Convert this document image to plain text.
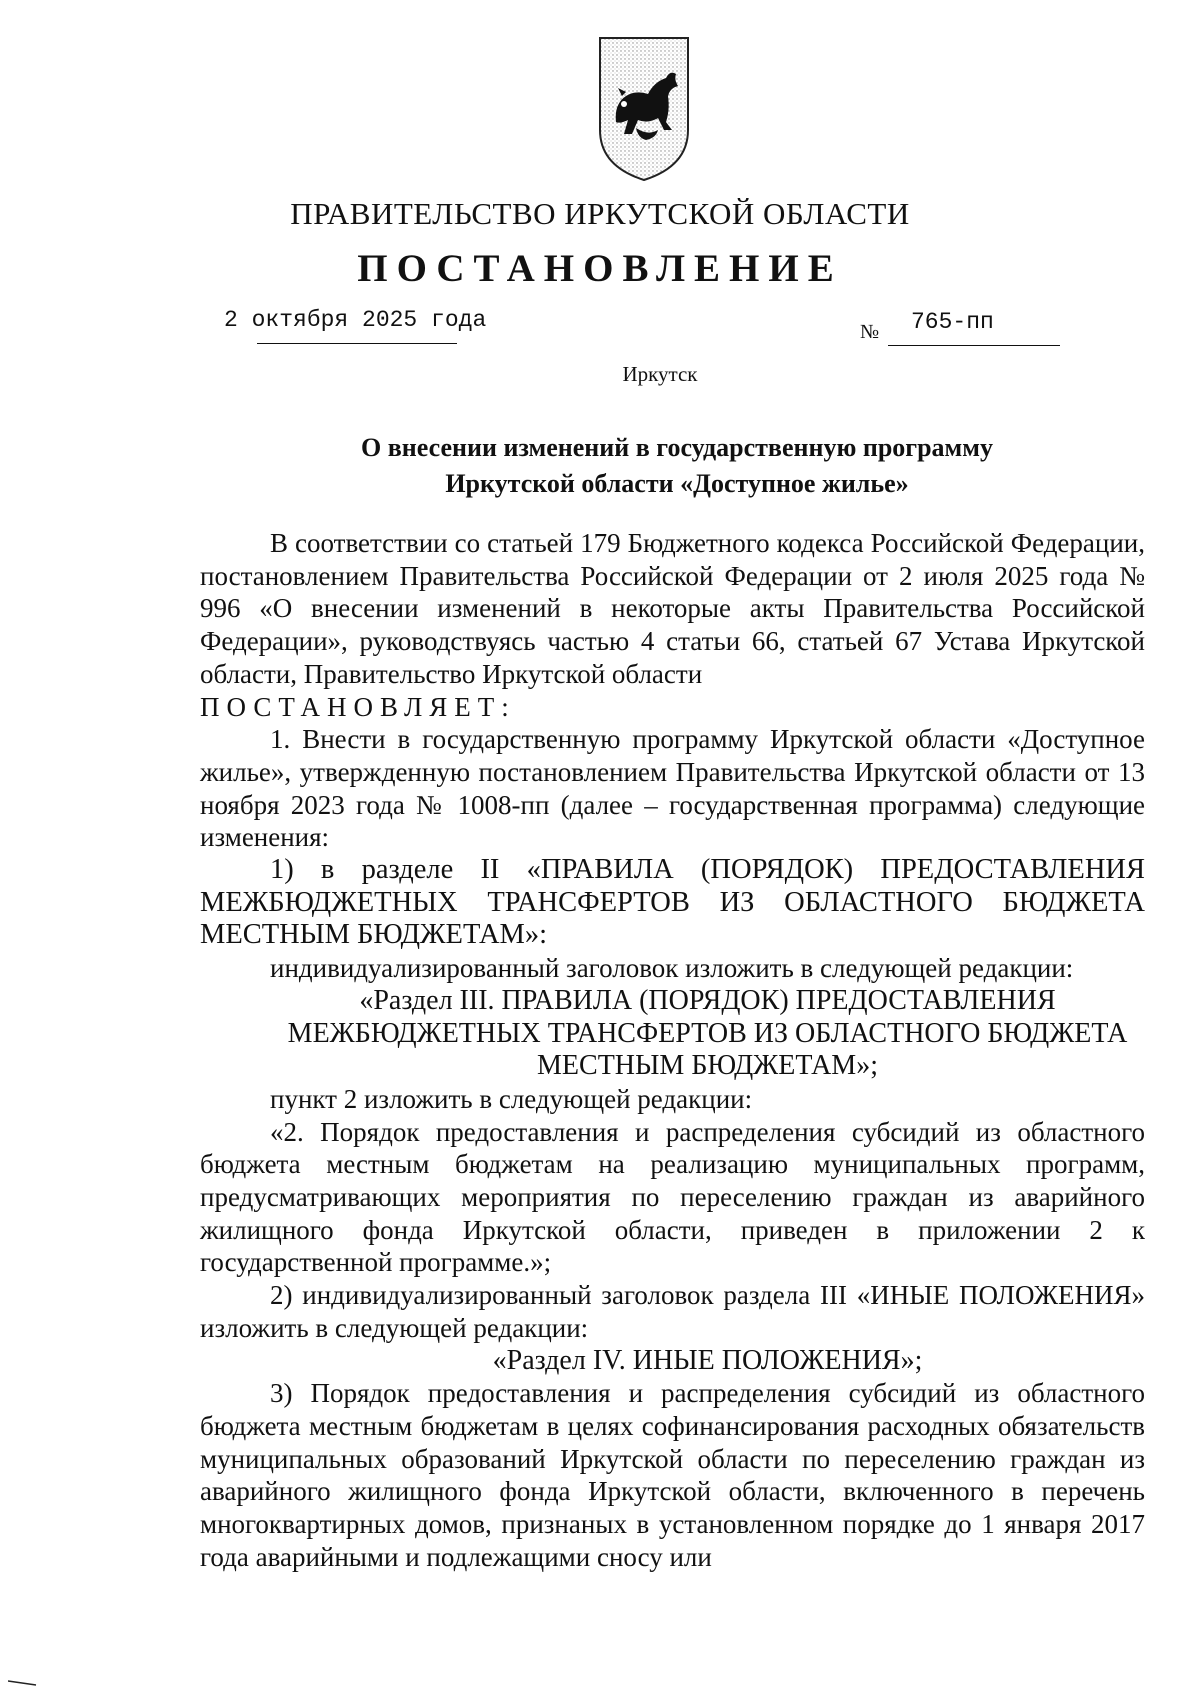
ПРАВИТЕЛЬСТВО ИРКУТСКОЙ ОБЛАСТИ
ПОСТАНОВЛЕНИЕ
2 октября 2025 года	№ 765-пп
Иркутск
О внесении изменений в государственную программу
Иркутской области «Доступное жилье»

В соответствии со статьей 179 Бюджетного кодекса Российской Федерации, постановлением Правительства Российской Федерации от 2 июля 2025 года № 996 «О внесении изменений в некоторые акты Правительства Российской Федерации», руководствуясь частью 4 статьи 66, статьей 67 Устава Иркутской области, Правительство Иркутской области

ПОСТАНОВЛЯЕТ:

1. Внести в государственную программу Иркутской области «Доступное жилье», утвержденную постановлением Правительства Иркутской области от 13 ноября 2023 года № 1008-пп (далее – государственная программа) следующие изменения:

1) в разделе II «ПРАВИЛА (ПОРЯДОК) ПРЕДОСТАВЛЕНИЯ МЕЖБЮДЖЕТНЫХ ТРАНСФЕРТОВ ИЗ ОБЛАСТНОГО БЮДЖЕТА МЕСТНЫМ БЮДЖЕТАМ»:

индивидуализированный заголовок изложить в следующей редакции:

«Раздел III. ПРАВИЛА (ПОРЯДОК) ПРЕДОСТАВЛЕНИЯ

МЕЖБЮДЖЕТНЫХ ТРАНСФЕРТОВ ИЗ ОБЛАСТНОГО БЮДЖЕТА

МЕСТНЫМ БЮДЖЕТАМ»;

пункт 2 изложить в следующей редакции:

«2. Порядок предоставления и распределения субсидий из областного бюджета местным бюджетам на реализацию муниципальных программ, предусматривающих мероприятия по переселению граждан из аварийного жилищного фонда Иркутской области, приведен в приложении 2 к государственной программе.»;

2) индивидуализированный заголовок раздела III «ИНЫЕ ПОЛОЖЕНИЯ» изложить в следующей редакции:

«Раздел IV. ИНЫЕ ПОЛОЖЕНИЯ»;

3) Порядок предоставления и распределения субсидий из областного бюджета местным бюджетам в целях софинансирования расходных обязательств муниципальных образований Иркутской области по переселению граждан из аварийного жилищного фонда Иркутской области, включенного в перечень многоквартирных домов, признаных в установленном порядке до 1 января 2017 года аварийными и подлежащими сносу или
